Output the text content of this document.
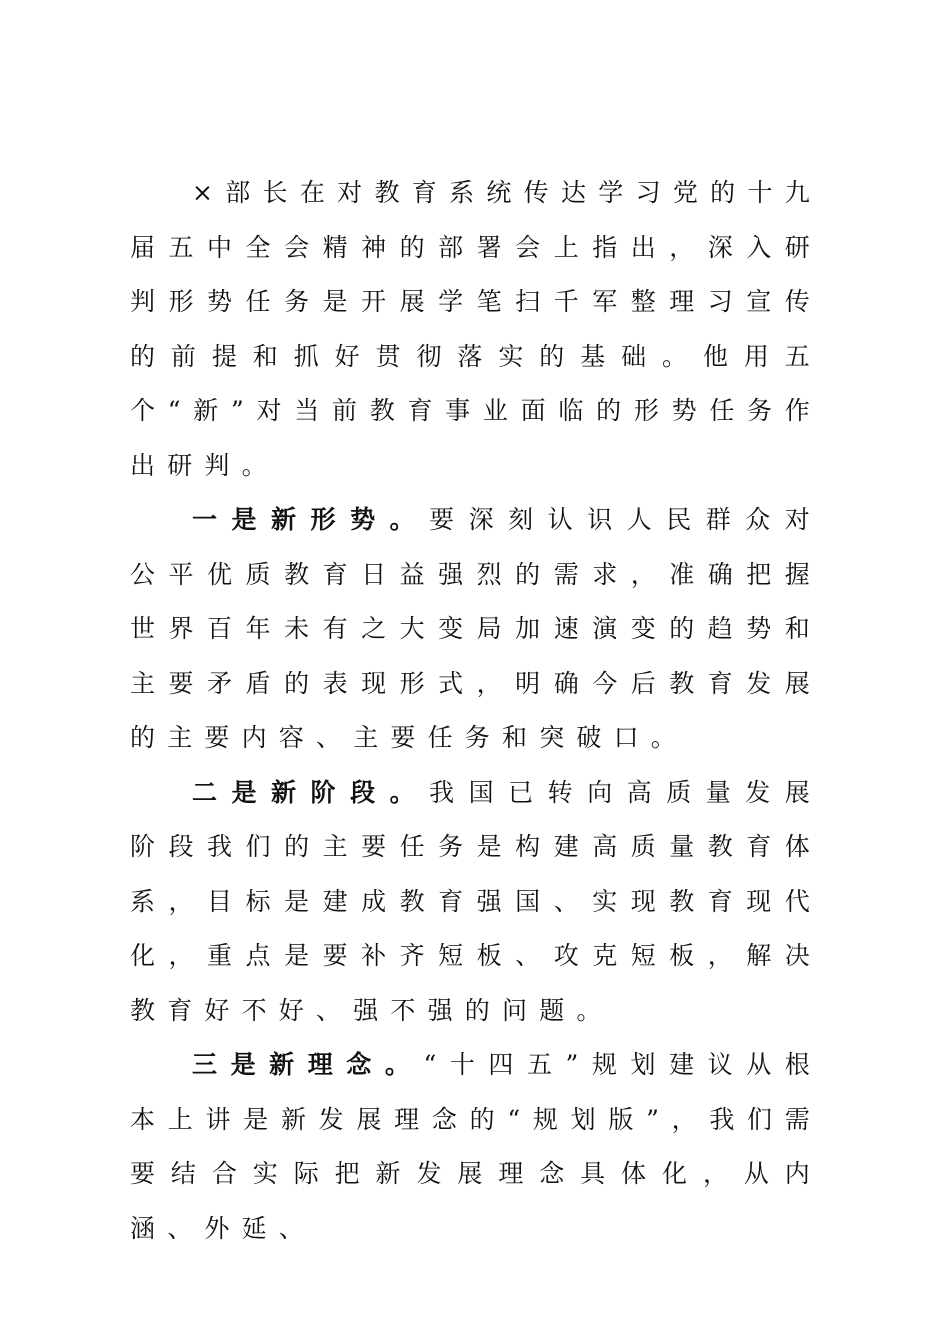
×部长在对教育系统传达学习党的十九届五中全会精神的部署会上指出，深入研判形势任务是开展学笔扫千军整理习宣传的前提和抓好贯彻落实的基础。他用五个“新”对当前教育事业面临的形势任务作出研判。

一是新形势。要深刻认识人民群众对公平优质教育日益强烈的需求，准确把握世界百年未有之大变局加速演变的趋势和主要矛盾的表现形式，明确今后教育发展的主要内容、主要任务和突破口。

二是新阶段。我国已转向高质量发展阶段我们的主要任务是构建高质量教育体系，目标是建成教育强国、实现教育现代化，重点是要补齐短板、攻克短板，解决教育好不好、强不强的问题。

三是新理念。“十四五”规划建议从根本上讲是新发展理念的“规划版”，我们需要结合实际把新发展理念具体化，从内涵、外延、
